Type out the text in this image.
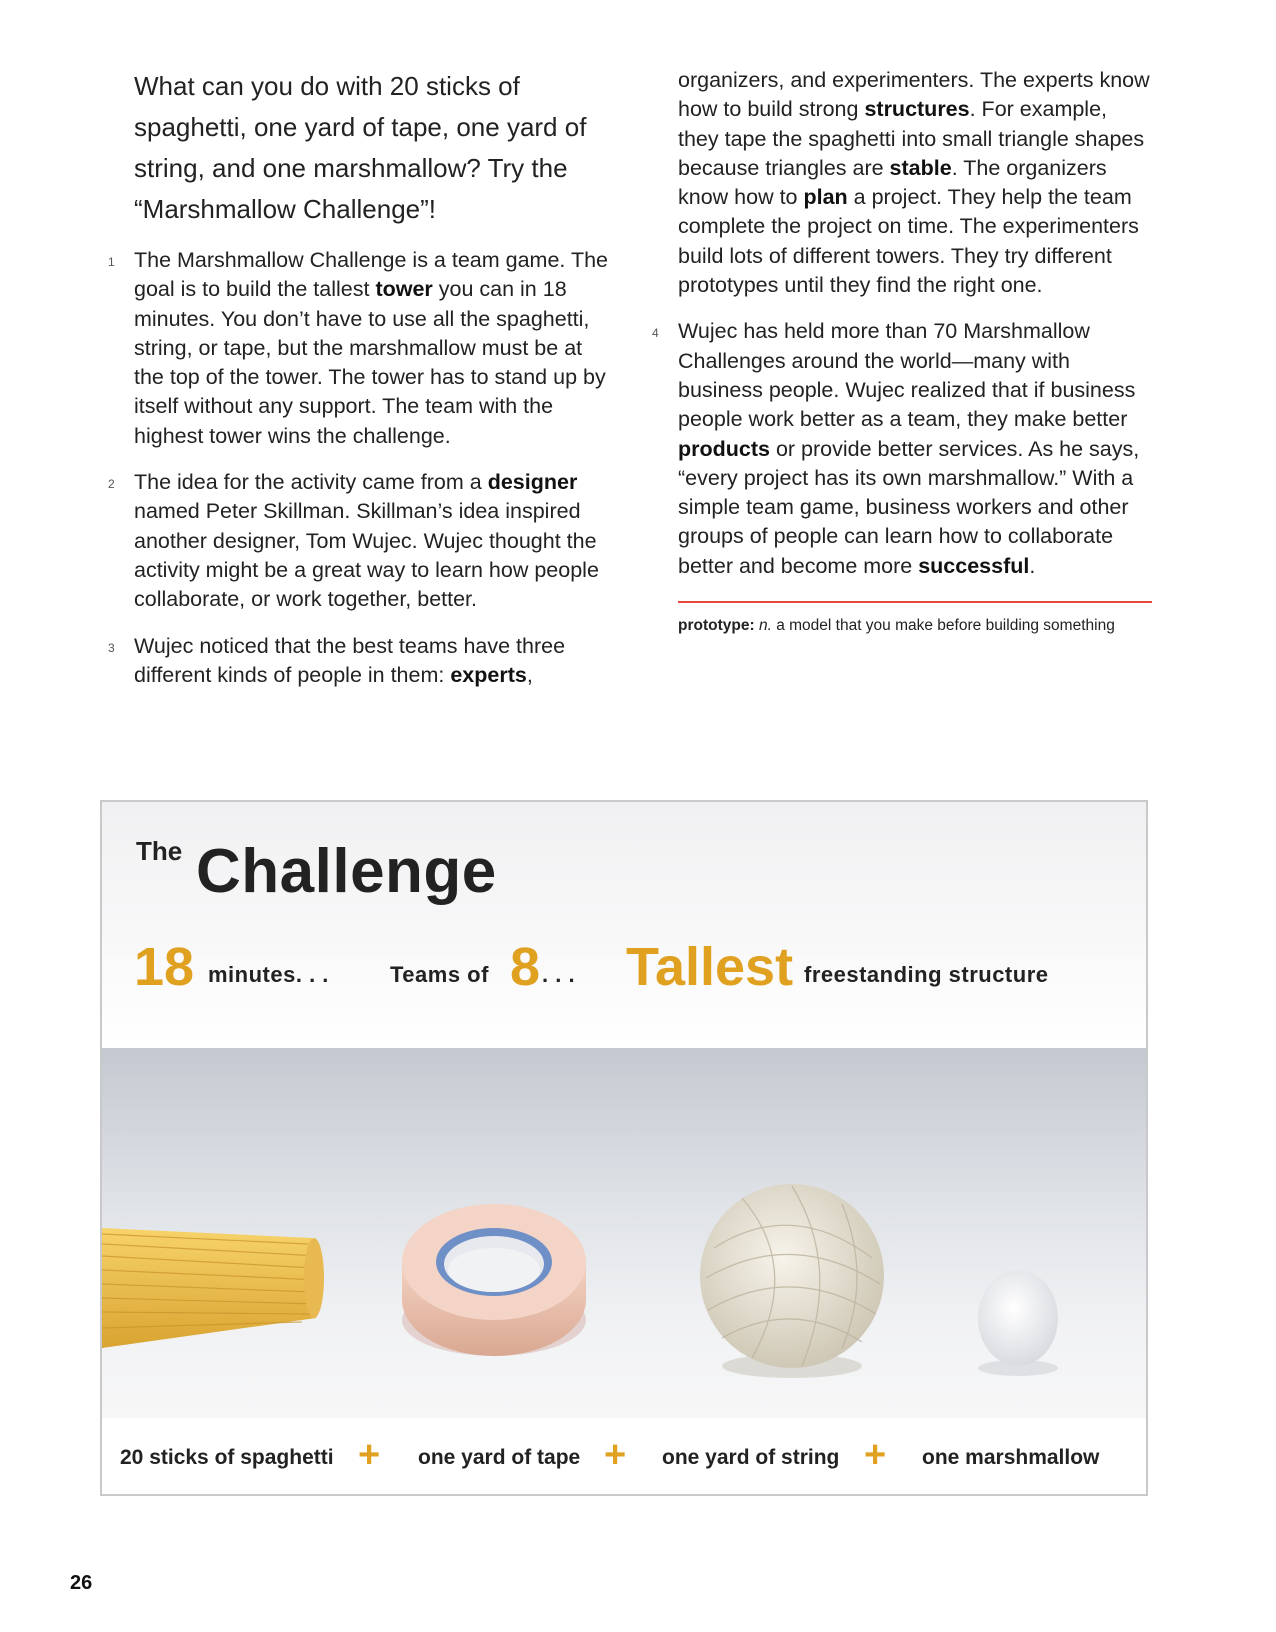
What can you do with 20 sticks of spaghetti, one yard of tape, one yard of string, and one marshmallow? Try the “Marshmallow Challenge”!
1 The Marshmallow Challenge is a team game. The goal is to build the tallest tower you can in 18 minutes. You don’t have to use all the spaghetti, string, or tape, but the marshmallow must be at the top of the tower. The tower has to stand up by itself without any support. The team with the highest tower wins the challenge.
2 The idea for the activity came from a designer named Peter Skillman. Skillman’s idea inspired another designer, Tom Wujec. Wujec thought the activity might be a great way to learn how people collaborate, or work together, better.
3 Wujec noticed that the best teams have three different kinds of people in them: experts,
organizers, and experimenters. The experts know how to build strong structures. For example, they tape the spaghetti into small triangle shapes because triangles are stable. The organizers know how to plan a project. They help the team complete the project on time. The experimenters build lots of different towers. They try different prototypes until they find the right one.
4 Wujec has held more than 70 Marshmallow Challenges around the world—many with business people. Wujec realized that if business people work better as a team, they make better products or provide better services. As he says, “every project has its own marshmallow.” With a simple team game, business workers and other groups of people can learn how to collaborate better and become more successful.
prototype: n. a model that you make before building something
The Challenge
18 minutes. . .	Teams of 8 . . . Tallest freestanding structure
20 sticks of spaghetti + one yard of tape + one yard of string + one marshmallow
26
